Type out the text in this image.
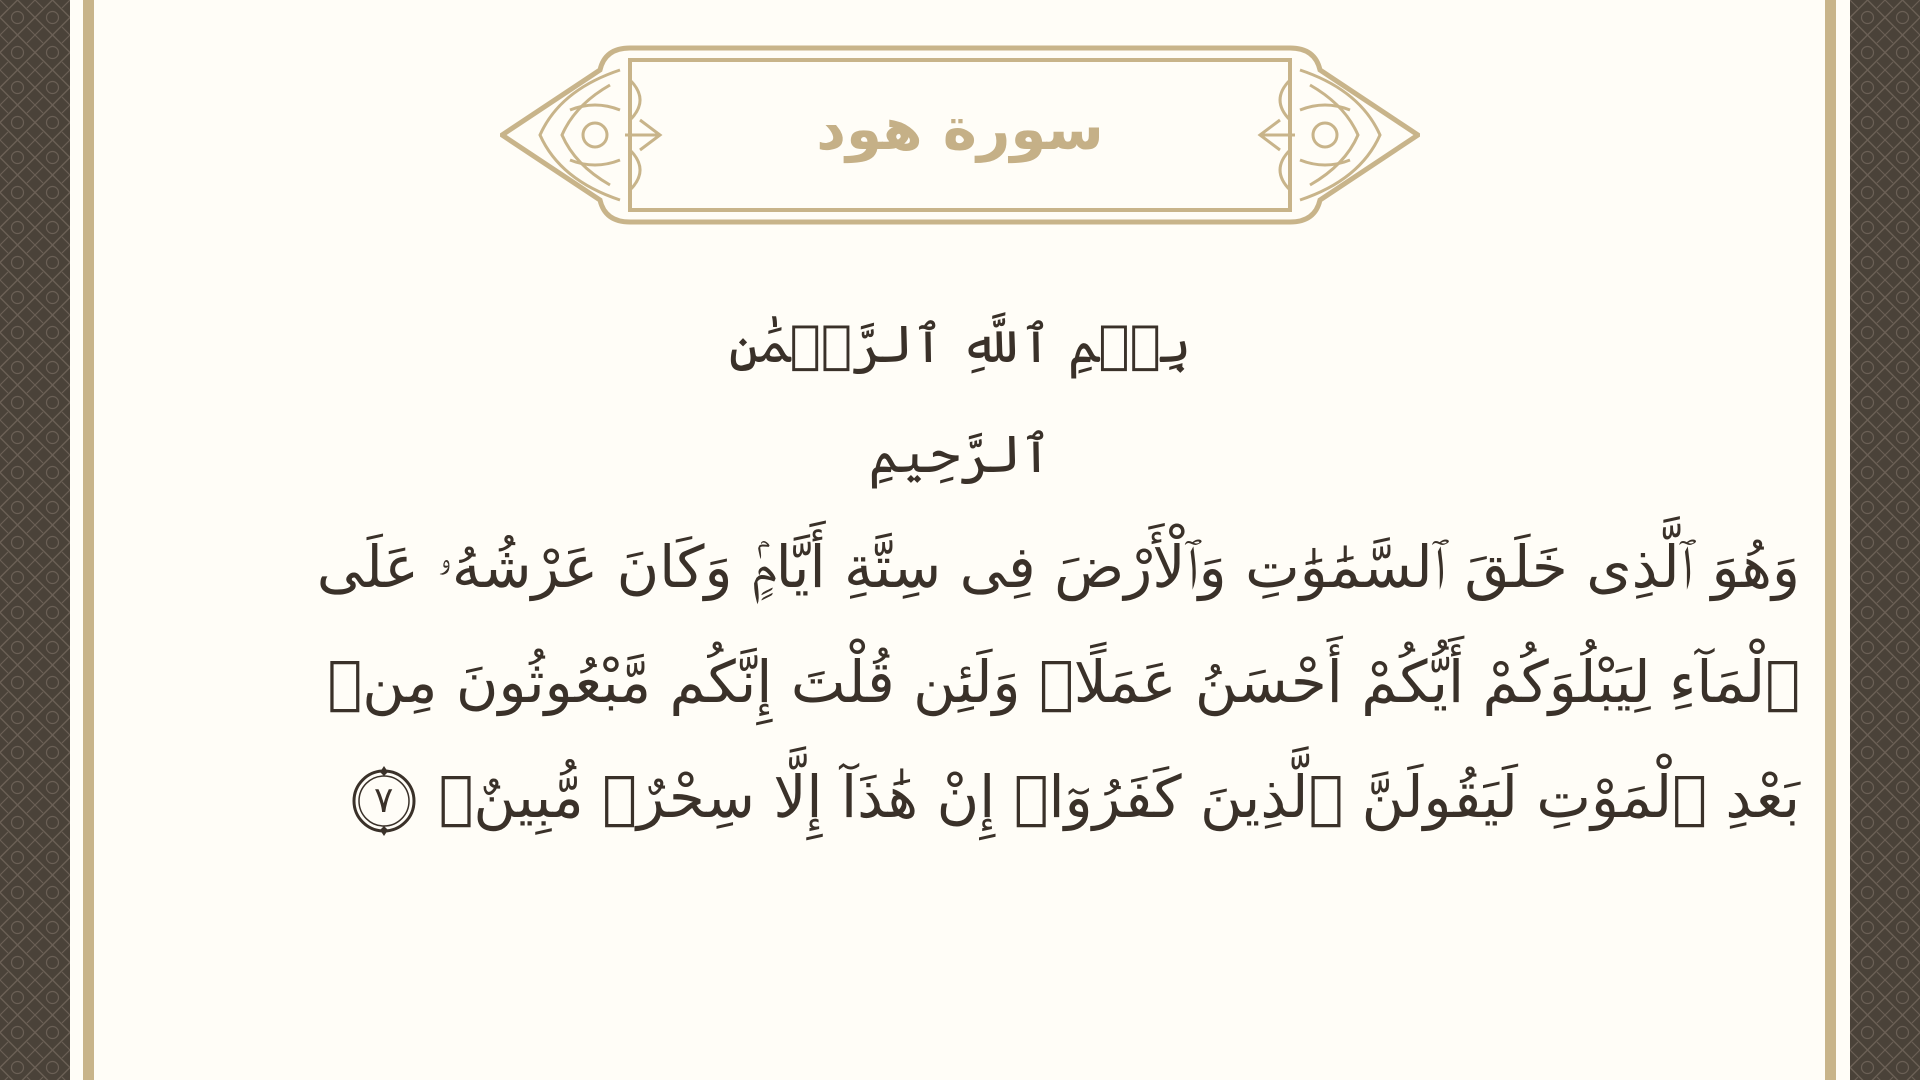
سورة هود
بِسۡمِ ٱللَّهِ ٱلرَّحۡمَٰنِ ٱلرَّحِيمِ
وَهُوَ ٱلَّذِى خَلَقَ ٱلسَّمَٰوَٰتِ وَٱلْأَرْضَ فِى سِتَّةِ أَيَّامٍۢ وَكَانَ عَرْشُهُۥ عَلَى
ٱلْمَآءِ لِيَبْلُوَكُمْ أَيُّكُمْ أَحْسَنُ عَمَلًاۗ وَلَئِن قُلْتَ إِنَّكُم مَّبْعُوثُونَ مِنۢ
بَعْدِ ٱلْمَوْتِ لَيَقُولَنَّ ٱلَّذِينَ كَفَرُوٓا۟ إِنْ هَٰذَآ إِلَّا سِحْرٌۭ مُّبِينٌۭ
٧
